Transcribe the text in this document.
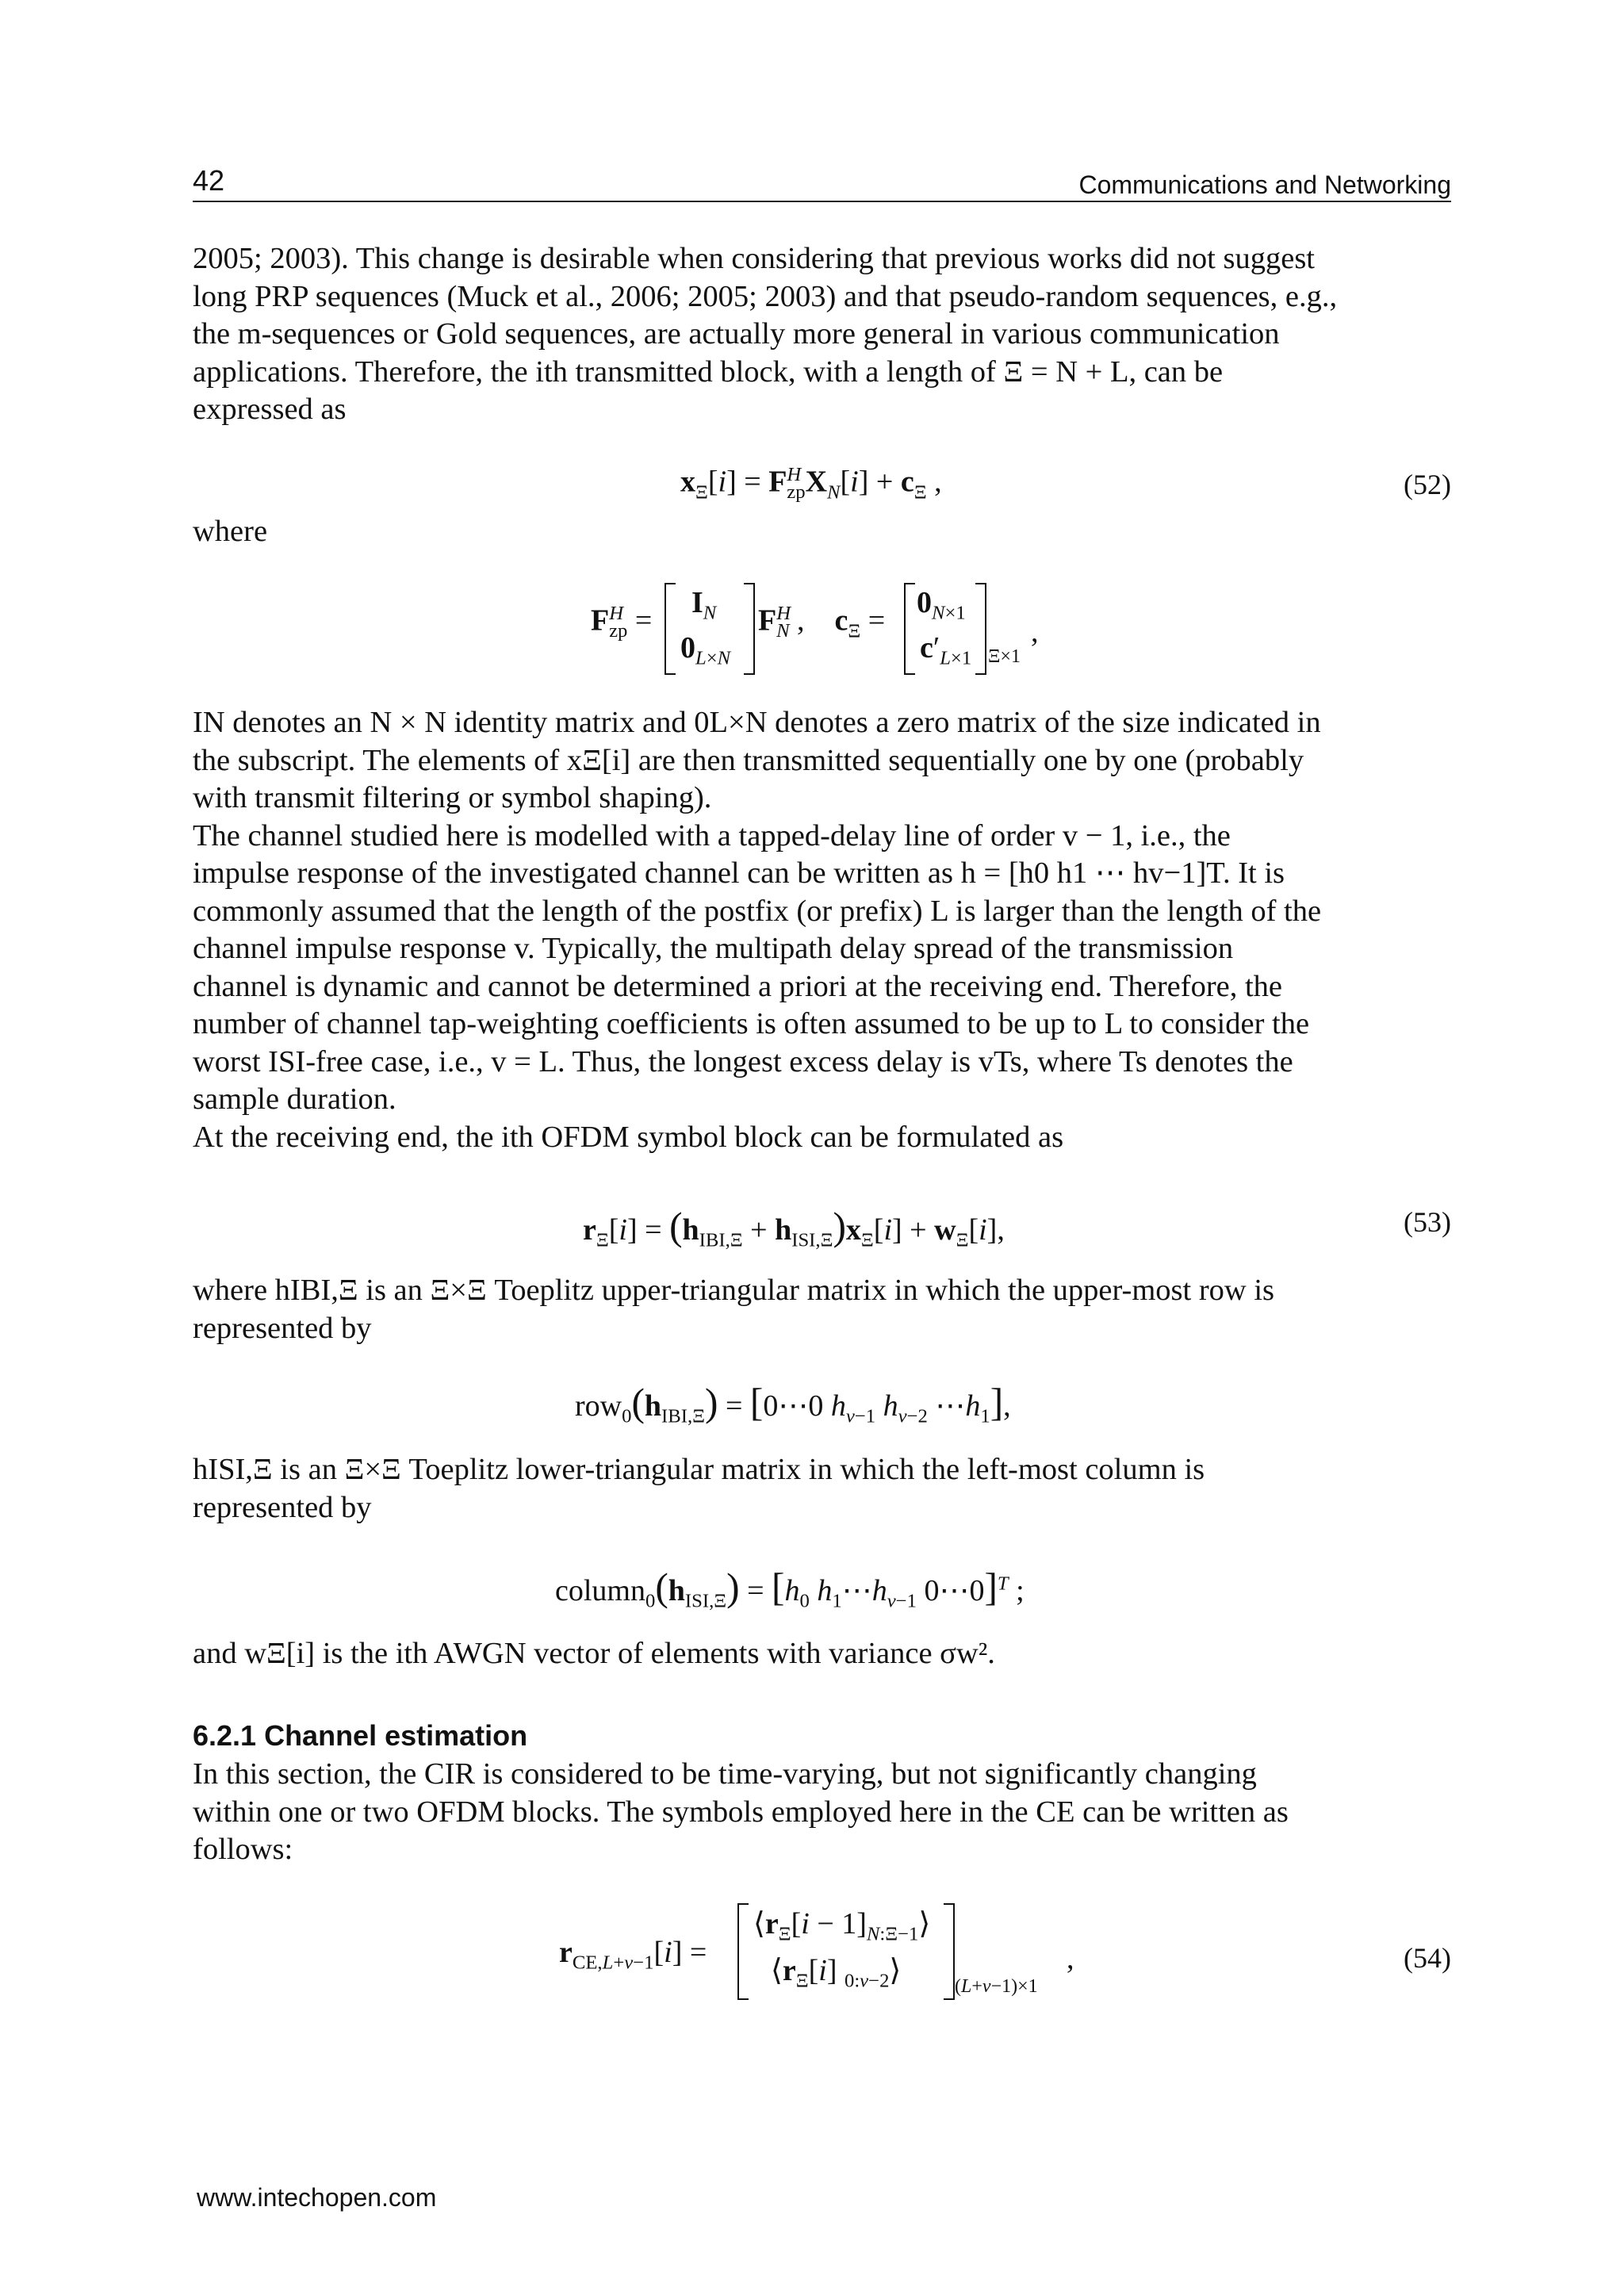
42	Communications and Networking
2005; 2003). This change is desirable when considering that previous works did not suggest
long PRP sequences (Muck et al., 2006; 2005; 2003) and that pseudo-random sequences, e.g.,
the m-sequences or Gold sequences, are actually more general in various communication
applications. Therefore, the ith transmitted block, with a length of Ξ = N + L, can be
expressed as
$x_\Xi[i] = F^H_{zp}X_N[i] + c_\Xi$ ,	(52)
where
$F^H_{zp}$ =
$I_N$
$0_{L\times N}$
$F^H_N$ ,    $c_\Xi$ =
$0_{N\times 1}$
$c'_{L\times 1}$ Ξ×1
,
IN denotes an N × N identity matrix and 0L×N denotes a zero matrix of the size indicated in
the subscript. The elements of xΞ[i] are then transmitted sequentially one by one (probably
with transmit filtering or symbol shaping).
The channel studied here is modelled with a tapped-delay line of order v − 1, i.e., the
impulse response of the investigated channel can be written as h = [h0 h1 ⋯ hv−1]T. It is
commonly assumed that the length of the postfix (or prefix) L is larger than the length of the
channel impulse response v. Typically, the multipath delay spread of the transmission
channel is dynamic and cannot be determined a priori at the receiving end. Therefore, the
number of channel tap-weighting coefficients is often assumed to be up to L to consider the
worst ISI-free case, i.e., v = L. Thus, the longest excess delay is vTs, where Ts denotes the
sample duration.
At the receiving end, the ith OFDM symbol block can be formulated as
$r_\Xi[i] = (h_{IBI,\Xi} + h_{ISI,\Xi})x_\Xi[i] + w_\Xi[i]$,	(53)
where hIBI,Ξ is an Ξ×Ξ Toeplitz upper-triangular matrix in which the upper-most row is
represented by
$row_0(h_{IBI,\Xi})$ = [0⋯0 $h_{v-1}$ $h_{v-2}$ $\cdots h_1$],
hISI,Ξ is an Ξ×Ξ Toeplitz lower-triangular matrix in which the left-most column is
represented by
$column_0(h_{ISI,\Xi}) = [h_0$ $h_1\cdots h_{v-1}$ 0⋯0]$^T$ ;
and wΞ[i] is the ith AWGN vector of elements with variance σw².
6.2.1 Channel estimation
In this section, the CIR is considered to be time-varying, but not significantly changing
within one or two OFDM blocks. The symbols employed here in the CE can be written as
follows:
$r_{CE,L+v-1}[i]$ =
$⟨r_\Xi[i$ − $1]_{N:\Xi-1}⟩$
$⟨r_\Xi[i]$ $_{0:v-2}$⟩	(L+v−1)×1
,	(54)
www.intechopen.com
